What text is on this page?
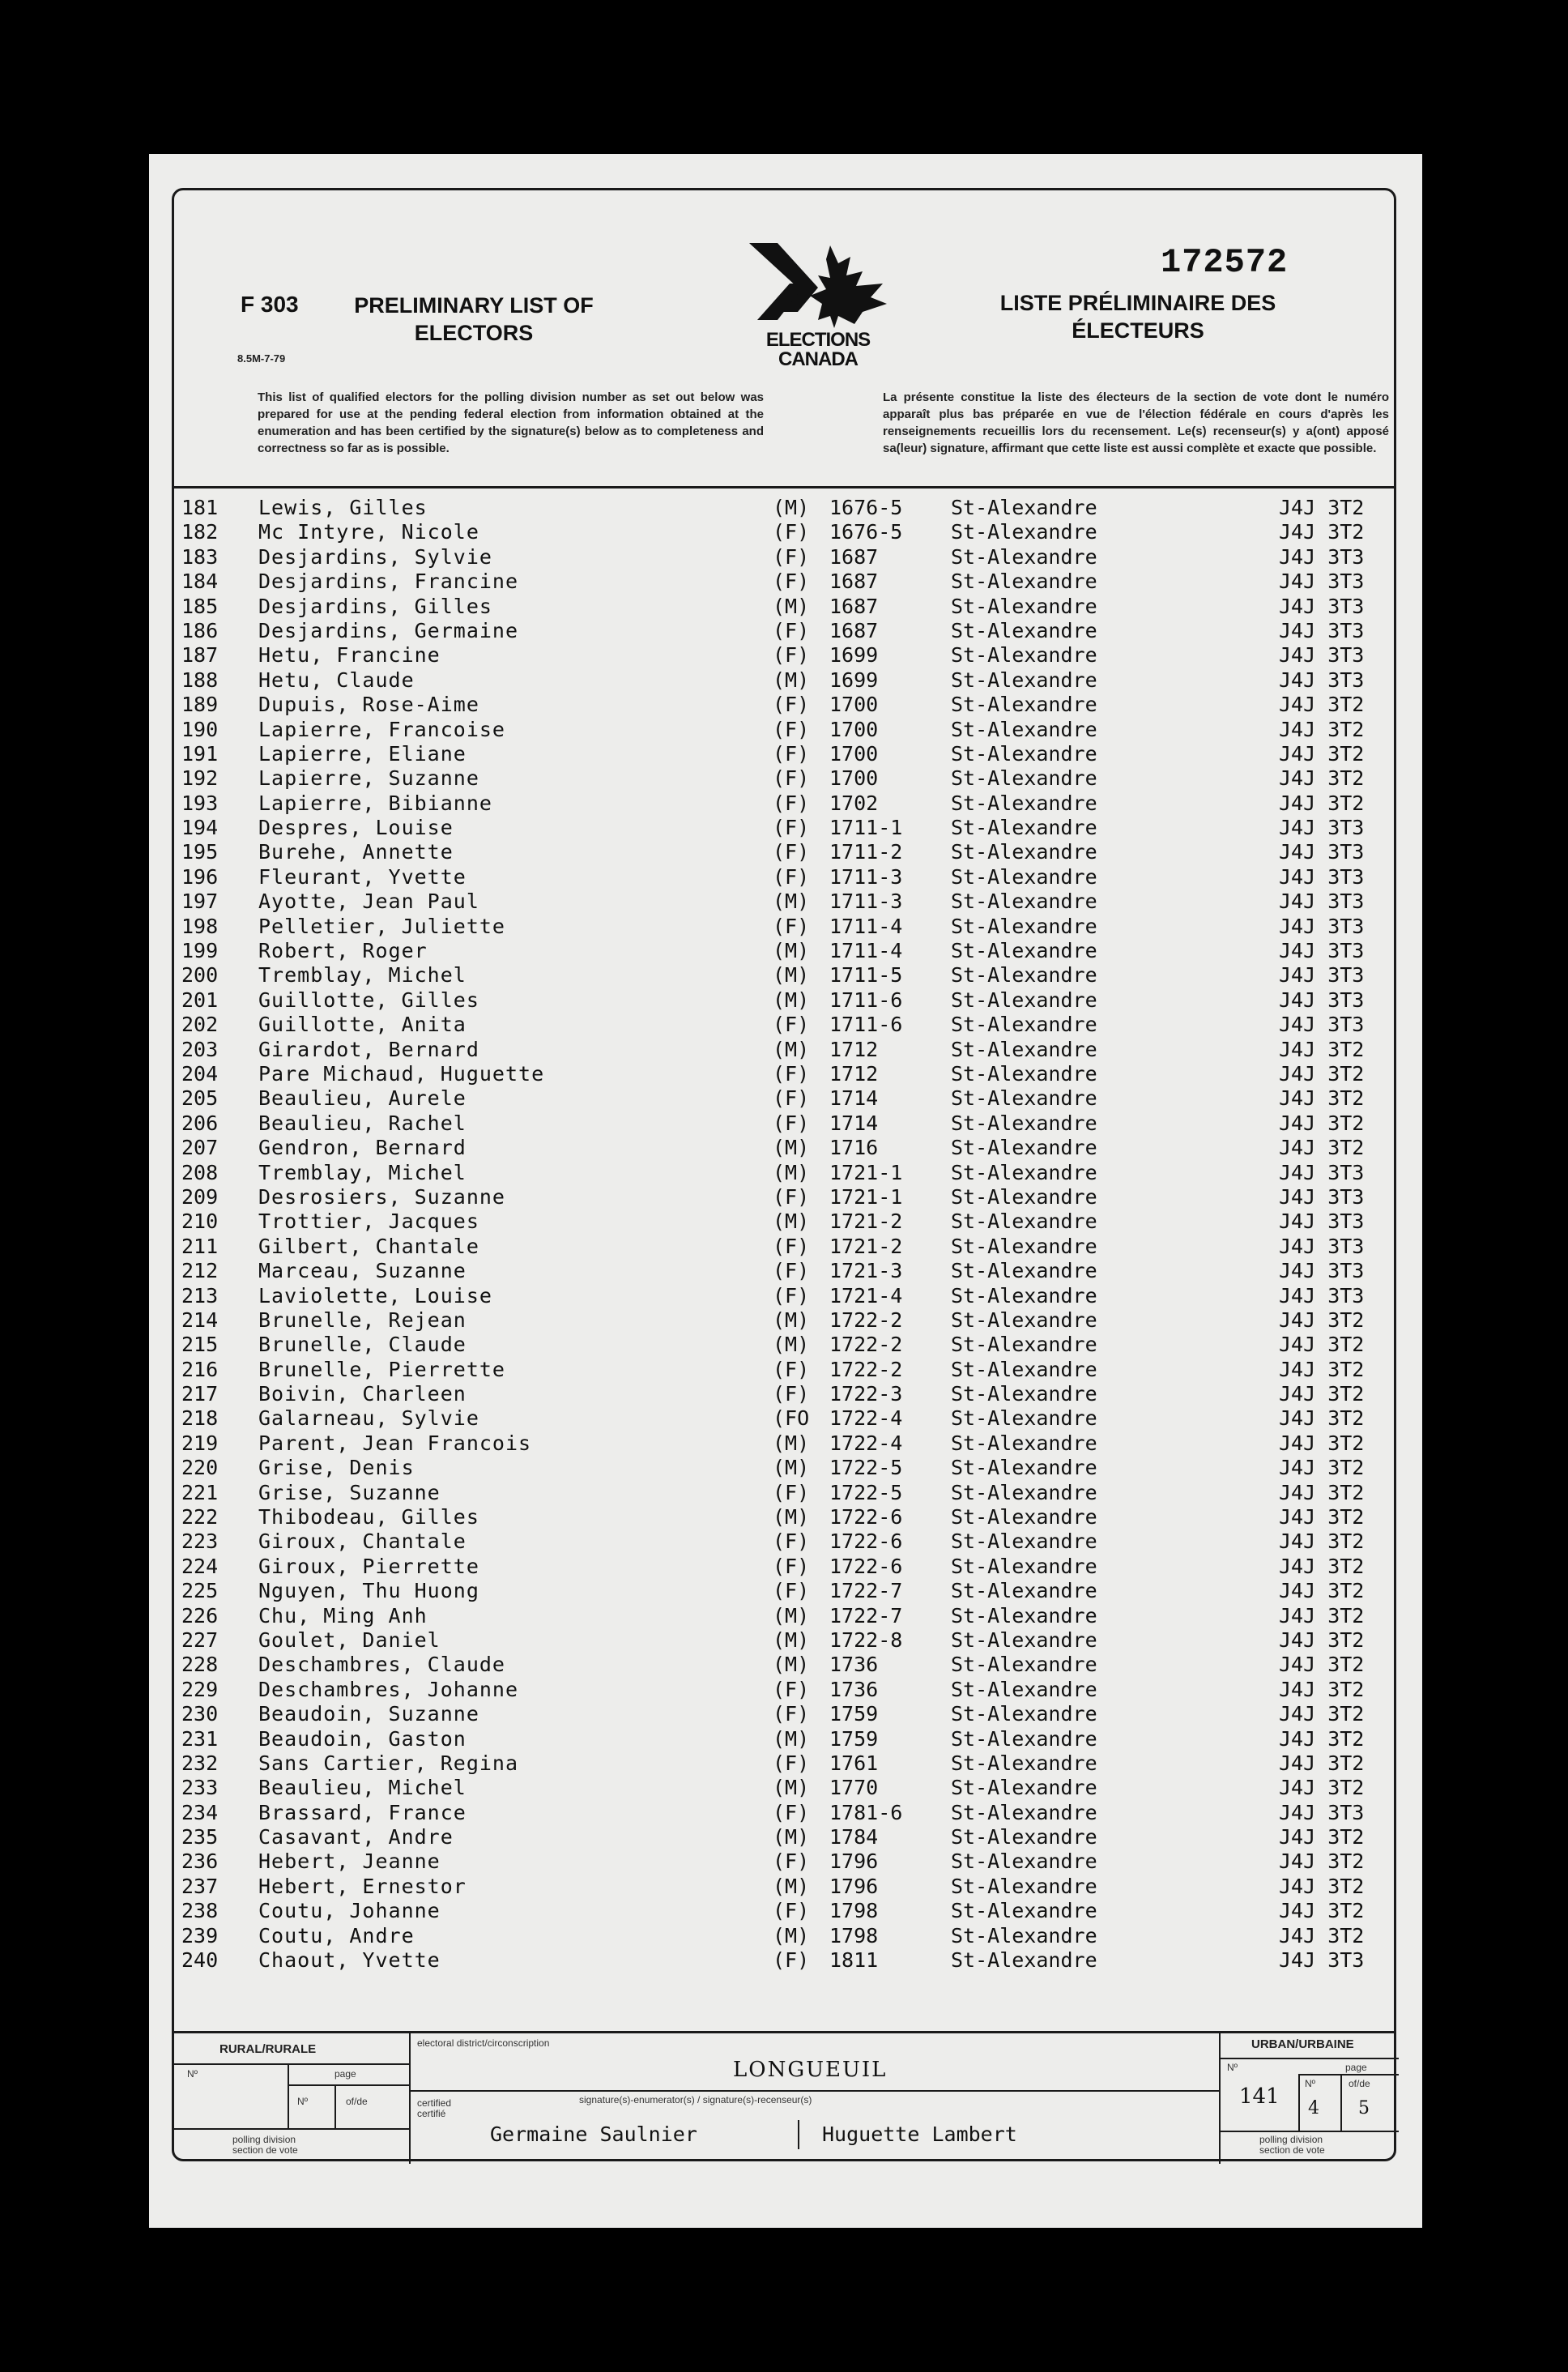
172572
F 303
8.5M-7-79
PRELIMINARY LIST OF
ELECTORS	ELECTIONS
CANADA
LISTE PRÉLIMINAIRE DES
ÉLECTEURS
This list of qualified electors for the polling division number as set out below was prepared for use at the pending federal election from information obtained at the enumeration and has been certified by the signature(s) below as to completeness and correctness so far as is possible.
La présente constitue la liste des électeurs de la section de vote dont le numéro apparaît plus bas préparée en vue de l'élection fédérale en cours d'après les renseignements recueillis lors du recensement. Le(s) recenseur(s) y a(ont) apposé sa(leur) signature, affirmant que cette liste est aussi complète et exacte que possible.
RURAL/RURALE
Nº	page
Nº	of/de
polling division
section de vote
electoral district/circonscription
LONGUEUIL
certified
certifié
signature(s)-enumerator(s) / signature(s)-recenseur(s)
Germaine Saulnier	Huguette Lambert
URBAN/URBAINE
Nº	page
141
Nº
4
of/de
5
polling division
section de vote
181 Lewis, Gilles	(M) 1676-5 St-Alexandre	J4J 3T2
182 Mc Intyre, Nicole	(F) 1676-5 St-Alexandre	J4J 3T2
183 Desjardins, Sylvie	(F) 1687	St-Alexandre	J4J 3T3
184 Desjardins, Francine	(F) 1687	St-Alexandre	J4J 3T3
185 Desjardins, Gilles	(M) 1687	St-Alexandre	J4J 3T3
186 Desjardins, Germaine	(F) 1687	St-Alexandre	J4J 3T3
187 Hetu, Francine	(F) 1699	St-Alexandre	J4J 3T3
188 Hetu, Claude	(M) 1699	St-Alexandre	J4J 3T3
189 Dupuis, Rose-Aime	(F) 1700	St-Alexandre	J4J 3T2
190 Lapierre, Francoise	(F) 1700	St-Alexandre	J4J 3T2
191 Lapierre, Eliane	(F) 1700	St-Alexandre	J4J 3T2
192 Lapierre, Suzanne	(F) 1700	St-Alexandre	J4J 3T2
193 Lapierre, Bibianne	(F) 1702	St-Alexandre	J4J 3T2
194 Despres, Louise	(F) 1711-1 St-Alexandre	J4J 3T3
195 Burehe, Annette	(F) 1711-2 St-Alexandre	J4J 3T3
196 Fleurant, Yvette	(F) 1711-3 St-Alexandre	J4J 3T3
197 Ayotte, Jean Paul	(M) 1711-3 St-Alexandre	J4J 3T3
198 Pelletier, Juliette	(F) 1711-4 St-Alexandre	J4J 3T3
199 Robert, Roger	(M) 1711-4 St-Alexandre	J4J 3T3
200 Tremblay, Michel	(M) 1711-5 St-Alexandre	J4J 3T3
201 Guillotte, Gilles	(M) 1711-6 St-Alexandre	J4J 3T3
202 Guillotte, Anita	(F) 1711-6 St-Alexandre	J4J 3T3
203 Girardot, Bernard	(M) 1712	St-Alexandre	J4J 3T2
204 Pare Michaud, Huguette	(F) 1712	St-Alexandre	J4J 3T2
205 Beaulieu, Aurele	(F) 1714	St-Alexandre	J4J 3T2
206 Beaulieu, Rachel	(F) 1714	St-Alexandre	J4J 3T2
207 Gendron, Bernard	(M) 1716	St-Alexandre	J4J 3T2
208 Tremblay, Michel	(M) 1721-1 St-Alexandre	J4J 3T3
209 Desrosiers, Suzanne	(F) 1721-1 St-Alexandre	J4J 3T3
210 Trottier, Jacques	(M) 1721-2 St-Alexandre	J4J 3T3
211 Gilbert, Chantale	(F) 1721-2 St-Alexandre	J4J 3T3
212 Marceau, Suzanne	(F) 1721-3 St-Alexandre	J4J 3T3
213 Laviolette, Louise	(F) 1721-4 St-Alexandre	J4J 3T3
214 Brunelle, Rejean	(M) 1722-2 St-Alexandre	J4J 3T2
215 Brunelle, Claude	(M) 1722-2 St-Alexandre	J4J 3T2
216 Brunelle, Pierrette	(F) 1722-2 St-Alexandre	J4J 3T2
217 Boivin, Charleen	(F) 1722-3 St-Alexandre	J4J 3T2
218 Galarneau, Sylvie	(FO 1722-4 St-Alexandre	J4J 3T2
219 Parent, Jean Francois	(M) 1722-4 St-Alexandre	J4J 3T2
220 Grise, Denis	(M) 1722-5 St-Alexandre	J4J 3T2
221 Grise, Suzanne	(F) 1722-5 St-Alexandre	J4J 3T2
222 Thibodeau, Gilles	(M) 1722-6 St-Alexandre	J4J 3T2
223 Giroux, Chantale	(F) 1722-6 St-Alexandre	J4J 3T2
224 Giroux, Pierrette	(F) 1722-6 St-Alexandre	J4J 3T2
225 Nguyen, Thu Huong	(F) 1722-7 St-Alexandre	J4J 3T2
226 Chu, Ming Anh	(M) 1722-7 St-Alexandre	J4J 3T2
227 Goulet, Daniel	(M) 1722-8 St-Alexandre	J4J 3T2
228 Deschambres, Claude	(M) 1736	St-Alexandre	J4J 3T2
229 Deschambres, Johanne	(F) 1736	St-Alexandre	J4J 3T2
230 Beaudoin, Suzanne	(F) 1759	St-Alexandre	J4J 3T2
231 Beaudoin, Gaston	(M) 1759	St-Alexandre	J4J 3T2
232 Sans Cartier, Regina	(F) 1761	St-Alexandre	J4J 3T2
233 Beaulieu, Michel	(M) 1770	St-Alexandre	J4J 3T2
234 Brassard, France	(F) 1781-6 St-Alexandre	J4J 3T3
235 Casavant, Andre	(M) 1784	St-Alexandre	J4J 3T2
236 Hebert, Jeanne	(F) 1796	St-Alexandre	J4J 3T2
237 Hebert, Ernestor	(M) 1796	St-Alexandre	J4J 3T2
238 Coutu, Johanne	(F) 1798	St-Alexandre	J4J 3T2
239 Coutu, Andre	(M) 1798	St-Alexandre	J4J 3T2
240 Chaout, Yvette	(F) 1811	St-Alexandre	J4J 3T3
